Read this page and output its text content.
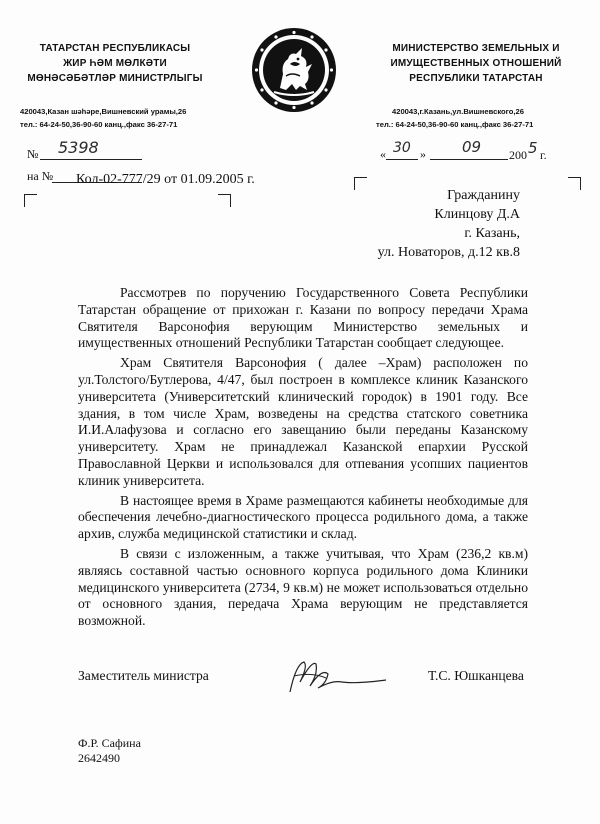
ТАТАРСТАН РЕСПУБЛИКАСЫ
ЖИР ҺӘМ МӨЛКӘТИ
МӨНӘСӘБӘТЛӘР МИНИСТРЛЫГЫ
420043,Казан шәһәре,Вишневский урамы,26
тел.: 64-24-50,36-90-60 канц.,факс 36-27-71
МИНИСТЕРСТВО ЗЕМЕЛЬНЫХ И
ИМУЩЕСТВЕННЫХ ОТНОШЕНИЙ
РЕСПУБЛИКИ ТАТАРСТАН
420043,г.Казань,ул.Вишневского,26
тел.: 64-24-50,36-90-60 канц.,факс 36-27-71
№ 5398
на № Кол-02-777/29 от 01.09.2005 г.
« 30 » 09 200 5 г.
Гражданину
Клинцову Д.А
г. Казань,
ул. Новаторов, д.12 кв.8

Рассмотрев по поручению Государственного Совета Республики Татарстан обращение от прихожан г. Казани по вопросу передачи Храма Святителя Варсонофия верующим Министерство земельных и имущественных отношений Республики Татарстан сообщает следующее.

Храм Святителя Варсонофия ( далее –Храм) расположен по ул.Толстого/Бутлерова, 4/47, был построен в комплексе клиник Казанского университета (Университетский клинический городок) в 1901 году. Все здания, в том числе Храм, возведены на средства статского советника И.И.Алафузова и согласно его завещанию были переданы Казанскому университету. Храм не принадлежал Казанской епархии Русской Православной Церкви и использовался для отпевания усопших пациентов клиник университета.

В настоящее время в Храме размещаются кабинеты необходимые для обеспечения лечебно-диагностического процесса родильного дома, а также архив, служба медицинской статистики и склад.

В связи с изложенным, а также учитывая, что Храм (236,2 кв.м) являясь составной частью основного корпуса родильного дома Клиники медицинского университета (2734, 9 кв.м) не может использоваться отдельно от основного здания, передача Храма верующим не представляется возможной.

Заместитель министра	Т.С. Юшканцева
Ф.Р. Сафина
2642490
